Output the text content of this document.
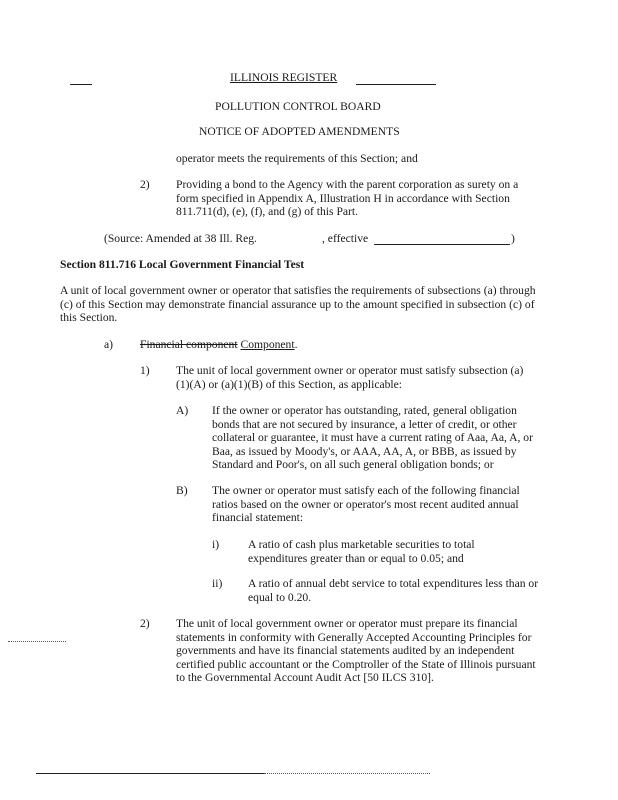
ILLINOIS REGISTER
POLLUTION CONTROL BOARD
NOTICE OF ADOPTED AMENDMENTS
operator meets the requirements of this Section; and
2) Providing a bond to the Agency with the parent corporation as surety on a form specified in Appendix A, Illustration H in accordance with Section 811.711(d), (e), (f), and (g) of this Part.
(Source: Amended at 38 Ill. Reg.	, effective	)
Section 811.716 Local Government Financial Test
A unit of local government owner or operator that satisfies the requirements of subsections (a) through (c) of this Section may demonstrate financial assurance up to the amount specified in subsection (c) of this Section.
a) Financial component Component.
1) The unit of local government owner or operator must satisfy subsection (a)(1)(A) or (a)(1)(B) of this Section, as applicable:
A) If the owner or operator has outstanding, rated, general obligation bonds that are not secured by insurance, a letter of credit, or other collateral or guarantee, it must have a current rating of Aaa, Aa, A, or Baa, as issued by Moody's, or AAA, AA, A, or BBB, as issued by Standard and Poor's, on all such general obligation bonds; or
B) The owner or operator must satisfy each of the following financial ratios based on the owner or operator's most recent audited annual financial statement:
i) A ratio of cash plus marketable securities to total expenditures greater than or equal to 0.05; and
ii) A ratio of annual debt service to total expenditures less than or equal to 0.20.
2) The unit of local government owner or operator must prepare its financial statements in conformity with Generally Accepted Accounting Principles for governments and have its financial statements audited by an independent certified public accountant or the Comptroller of the State of Illinois pursuant to the Governmental Account Audit Act [50 ILCS 310].
